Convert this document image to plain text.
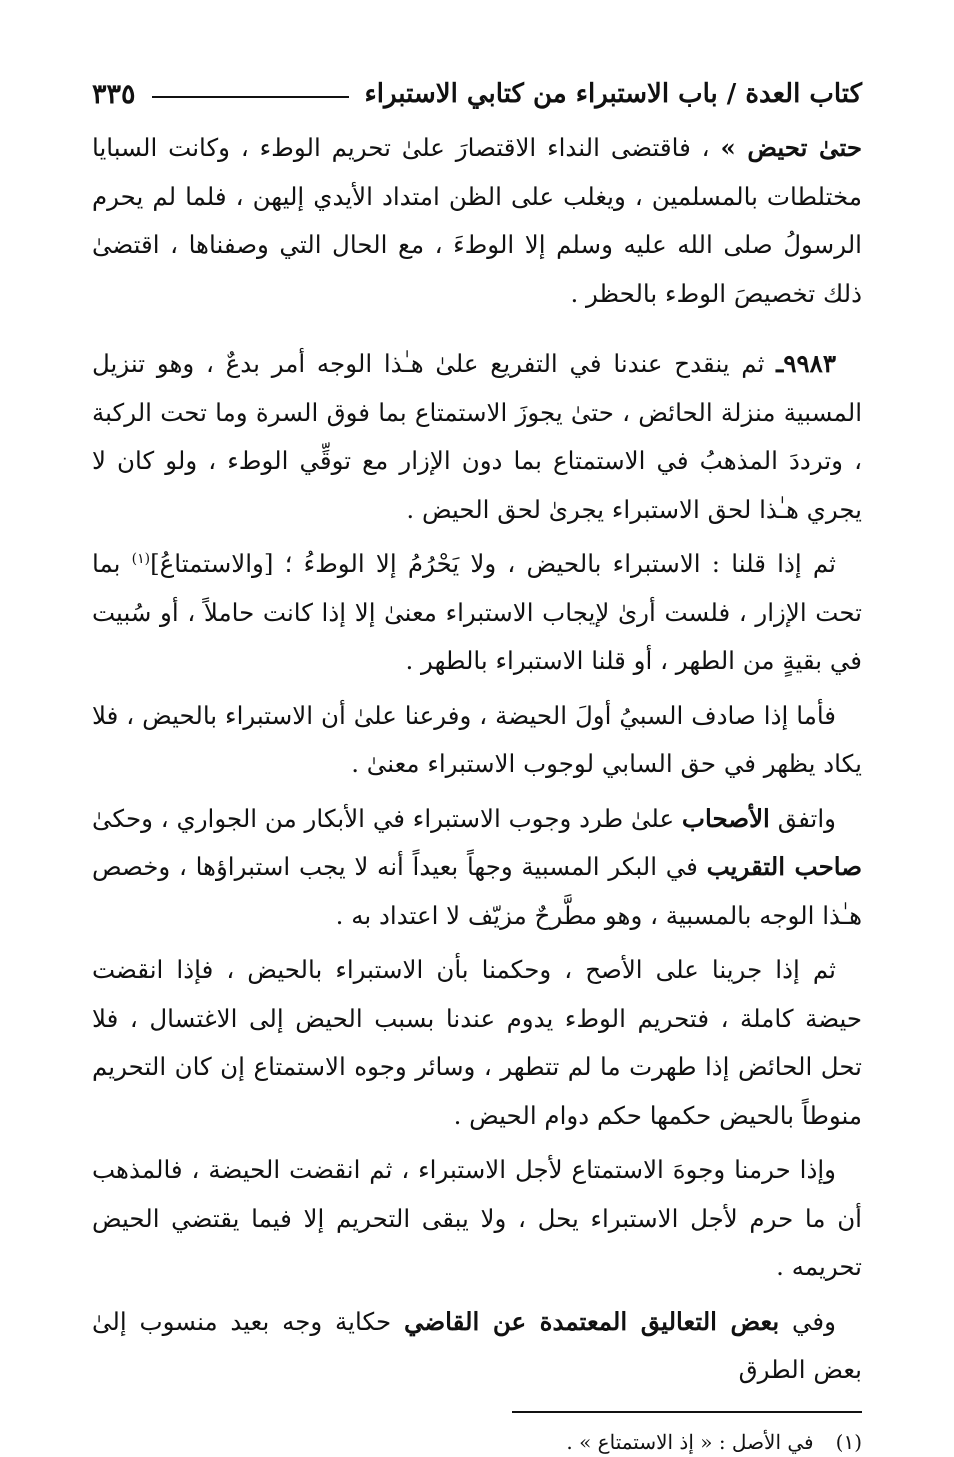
كتاب العدة / باب الاستبراء من كتابي الاستبراء
٣٣٥

حتىٰ تحيض » ، فاقتضى النداء الاقتصارَ علىٰ تحريم الوطء ، وكانت السبايا مختلطات بالمسلمين ، ويغلب على الظن امتداد الأيدي إليهن ، فلما لم يحرم الرسولُ صلى الله عليه وسلم إلا الوطءَ ، مع الحال التي وصفناها ، اقتضىٰ ذلك تخصيصَ الوطء بالحظر .

٩٩٨٣ـ ثم ينقدح عندنا في التفريع علىٰ هـٰذا الوجه أمر بدعٌ ، وهو تنزيل المسبية منزلة الحائض ، حتىٰ يجوزَ الاستمتاع بما فوق السرة وما تحت الركبة ، وترددَ المذهبُ في الاستمتاع بما دون الإزار مع توقِّي الوطء ، ولو كان لا يجري هـٰذا لحق الاستبراء يجرىٰ لحق الحيض .

ثم إذا قلنا : الاستبراء بالحيض ، ولا يَحْرُمُ إلا الوطءُ ؛ [والاستمتاعُ]$^{(١)}$ بما تحت الإزار ، فلست أرىٰ لإيجاب الاستبراء معنىٰ إلا إذا كانت حاملاً ، أو سُبيت في بقيةٍ من الطهر ، أو قلنا الاستبراء بالطهر .

فأما إذا صادف السبيُ أولَ الحيضة ، وفرعنا علىٰ أن الاستبراء بالحيض ، فلا يكاد يظهر في حق السابي لوجوب الاستبراء معنىٰ .

واتفق الأصحاب علىٰ طرد وجوب الاستبراء في الأبكار من الجواري ، وحكىٰ صاحب التقريب في البكر المسبية وجهاً بعيداً أنه لا يجب استبراؤها ، وخصص هـٰذا الوجه بالمسبية ، وهو مطَّرحٌ مزيّف لا اعتداد به .

ثم إذا جرينا على الأصح ، وحكمنا بأن الاستبراء بالحيض ، فإذا انقضت حيضة كاملة ، فتحريم الوطء يدوم عندنا بسبب الحيض إلى الاغتسال ، فلا تحل الحائض إذا طهرت ما لم تتطهر ، وسائر وجوه الاستمتاع إن كان التحريم منوطاً بالحيض حكمها حكم دوام الحيض .

وإذا حرمنا وجوهَ الاستمتاع لأجل الاستبراء ، ثم انقضت الحيضة ، فالمذهب أن ما حرم لأجل الاستبراء يحل ، ولا يبقى التحريم إلا فيما يقتضي الحيض تحريمه .

وفي بعض التعاليق المعتمدة عن القاضي حكاية وجه بعيد منسوب إلىٰ بعض الطرق

(١)في الأصل : « إذ الاستمتاع » .
